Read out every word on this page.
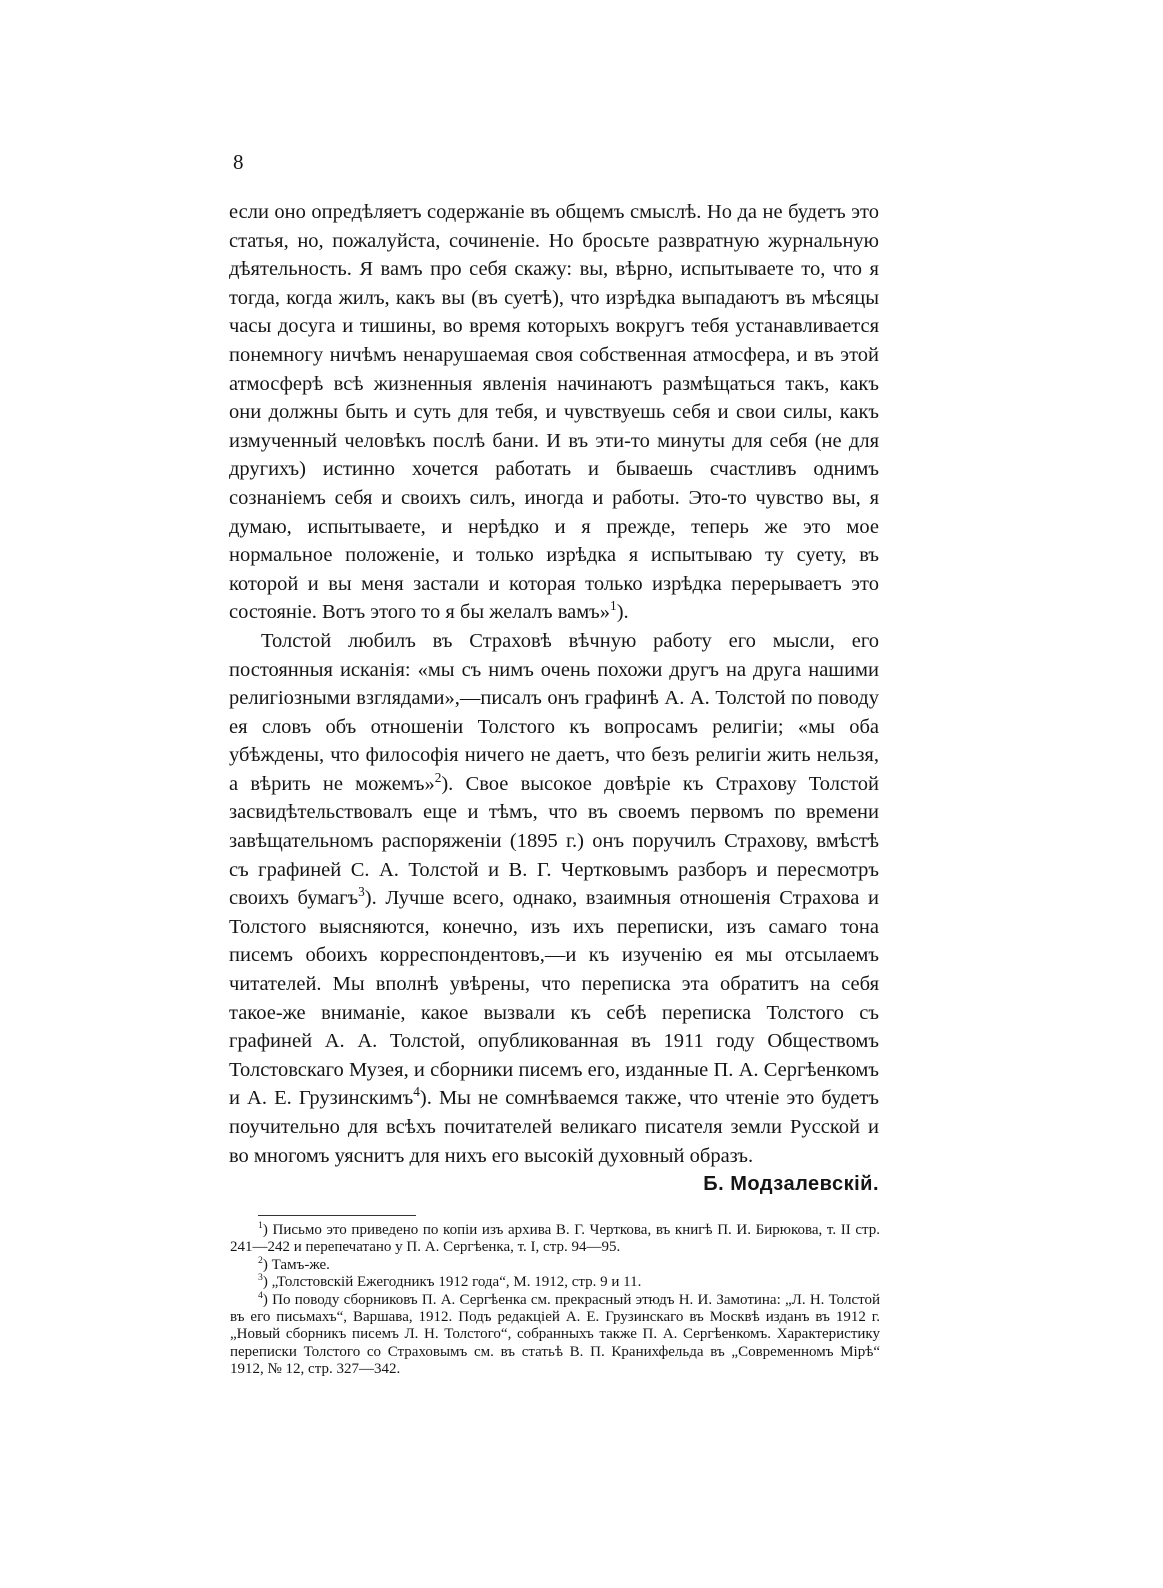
8

если оно опредѣляетъ содержаніе въ общемъ смыслѣ. Но да не будетъ это статья, но, пожалуйста, сочиненіе. Но бросьте развратную журнальную дѣятельность. Я вамъ про себя скажу: вы, вѣрно, испытываете то, что я тогда, когда жилъ, какъ вы (въ суетѣ), что изрѣдка выпадаютъ въ мѣсяцы часы досуга и тишины, во время которыхъ вокругъ тебя устанавливается понемногу ничѣмъ ненарушаемая своя собственная атмосфера, и въ этой атмосферѣ всѣ жизненныя явленія начинаютъ размѣщаться такъ, какъ они должны быть и суть для тебя, и чувствуешь себя и свои силы, какъ измученный человѣкъ послѣ бани. И въ эти-то минуты для себя (не для другихъ) истинно хочется работать и бываешь счастливъ однимъ сознаніемъ себя и своихъ силъ, иногда и работы. Это-то чувство вы, я думаю, испытываете, и нерѣдко и я прежде, теперь же это мое нормальное положеніе, и только изрѣдка я испытываю ту суету, въ которой и вы меня застали и которая только изрѣдка перерываетъ это состояніе. Вотъ этого то я бы желалъ вамъ»$^1$).

Толстой любилъ въ Страховѣ вѣчную работу его мысли, его постоянныя исканія: «мы съ нимъ очень похожи другъ на друга нашими религіозными взглядами»,—писалъ онъ графинѣ А. А. Толстой по поводу ея словъ объ отношеніи Толстого къ вопросамъ религіи; «мы оба убѣждены, что философія ничего не даетъ, что безъ религіи жить нельзя, а вѣрить не можемъ»$^2$). Свое высокое довѣріе къ Страхову Толстой засвидѣтельствовалъ еще и тѣмъ, что въ своемъ первомъ по времени завѣщательномъ распоряженіи (1895 г.) онъ поручилъ Страхову, вмѣстѣ съ графиней С. А. Толстой и В. Г. Чертковымъ разборъ и пересмотръ своихъ бумагъ$^3$). Лучше всего, однако, взаимныя отношенія Страхова и Толстого выясняются, конечно, изъ ихъ переписки, изъ самаго тона писемъ обоихъ корреспондентовъ,—и къ изученію ея мы отсылаемъ читателей. Мы вполнѣ увѣрены, что переписка эта обратитъ на себя такое-же вниманіе, какое вызвали къ себѣ переписка Толстого съ графиней А. А. Толстой, опубликованная въ 1911 году Обществомъ Толстовскаго Музея, и сборники писемъ его, изданные П. А. Сергѣенкомъ и А. Е. Грузинскимъ$^4$). Мы не сомнѣваемся также, что чтеніе это будетъ поучительно для всѣхъ почитателей великаго писателя земли Русской и во многомъ уяснитъ для нихъ его высокій духовный образъ.
Б. Модзалевскій.

$^1$) Письмо это приведено по копіи изъ архива В. Г. Черткова, въ книгѣ П. И. Бирюкова, т. II стр. 241—242 и перепечатано у П. А. Сергѣенка, т. I, стр. 94—95.

$^2$) Тамъ-же.

$^3$) „Толстовскій Ежегодникъ 1912 года“, М. 1912, стр. 9 и 11.

$^4$) По поводу сборниковъ П. А. Сергѣенка см. прекрасный этюдъ Н. И. Замотина: „Л. Н. Толстой въ его письмахъ“, Варшава, 1912. Подъ редакціей А. Е. Грузинскаго въ Москвѣ изданъ въ 1912 г. „Новый сборникъ писемъ Л. Н. Толстого“, собранныхъ также П. А. Сергѣенкомъ. Характеристику переписки Толстого со Страховымъ см. въ статьѣ В. П. Кранихфельда въ „Современномъ Мірѣ“ 1912, № 12, стр. 327—342.
